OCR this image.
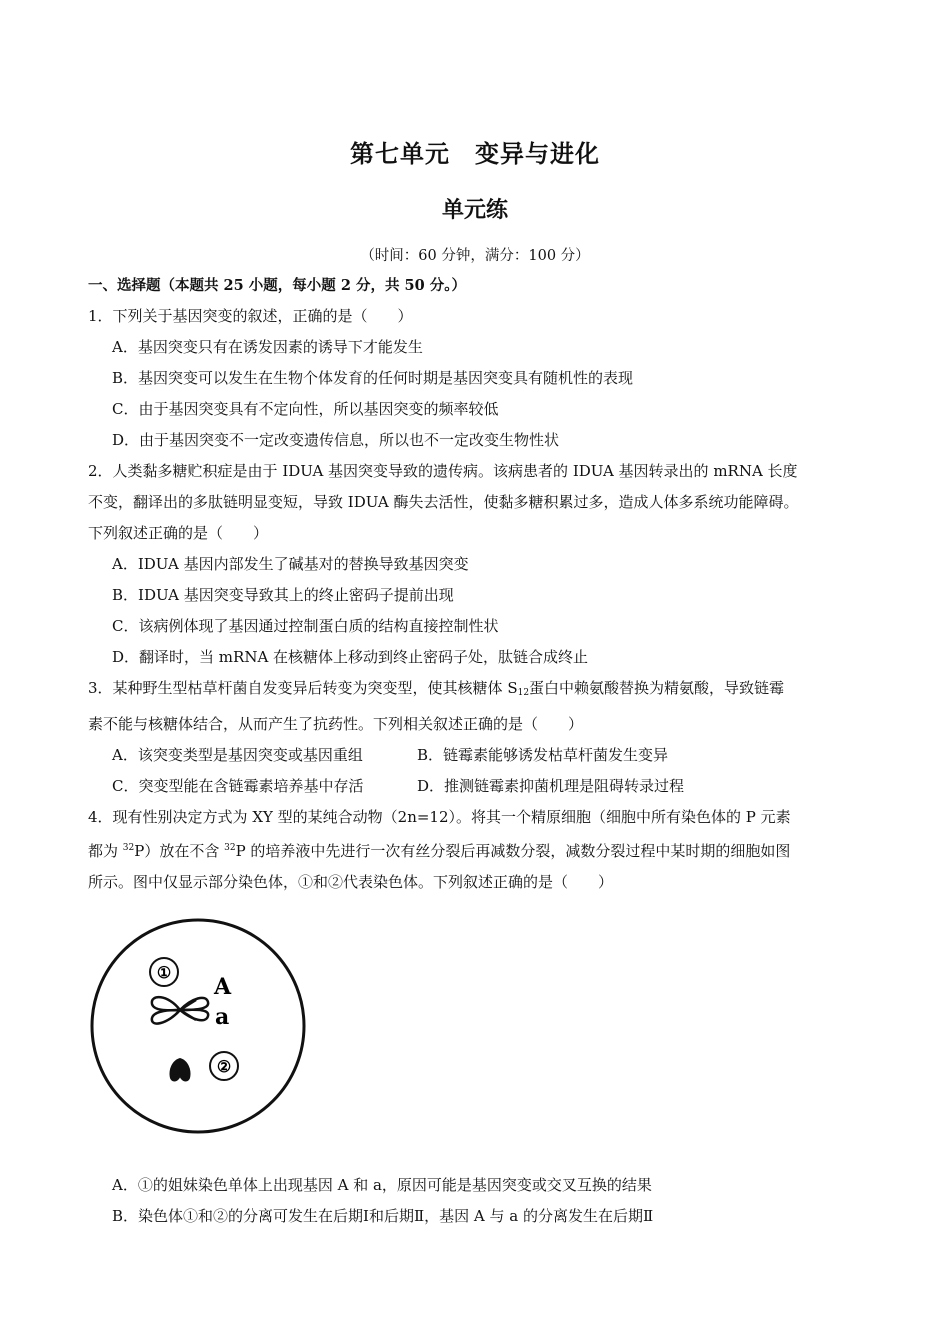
第七单元　变异与进化
单元练
（时间：60 分钟，满分：100 分）
一、选择题（本题共 25 小题，每小题 2 分，共 50 分。）
1．下列关于基因突变的叙述，正确的是（　　）
A．基因突变只有在诱发因素的诱导下才能发生
B．基因突变可以发生在生物个体发育的任何时期是基因突变具有随机性的表现
C．由于基因突变具有不定向性，所以基因突变的频率较低
D．由于基因突变不一定改变遗传信息，所以也不一定改变生物性状
2．人类黏多糖贮积症是由于 IDUA 基因突变导致的遗传病。该病患者的 IDUA 基因转录出的 mRNA 长度
不变，翻译出的多肽链明显变短，导致 IDUA 酶失去活性，使黏多糖积累过多，造成人体多系统功能障碍。
下列叙述正确的是（　　）
A．IDUA 基因内部发生了碱基对的替换导致基因突变
B．IDUA 基因突变导致其上的终止密码子提前出现
C．该病例体现了基因通过控制蛋白质的结构直接控制性状
D．翻译时，当 mRNA 在核糖体上移动到终止密码子处，肽链合成终止
3．某种野生型枯草杆菌自发变异后转变为突变型，使其核糖体 $S_{12}$蛋白中赖氨酸替换为精氨酸，导致链霉
素不能与核糖体结合，从而产生了抗药性。下列相关叙述正确的是（　　）
A．该突变类型是基因突变或基因重组	B．链霉素能够诱发枯草杆菌发生变异
C．突变型能在含链霉素培养基中存活	D．推测链霉素抑菌机理是阻碍转录过程
4．现有性别决定方式为 XY 型的某纯合动物（2n=12）。将其一个精原细胞（细胞中所有染色体的 P 元素
都为 $^{32}$P）放在不含 $^{32}$P 的培养液中先进行一次有丝分裂后再减数分裂，减数分裂过程中某时期的细胞如图
所示。图中仅显示部分染色体，①和②代表染色体。下列叙述正确的是（　　）
①
A
a
②
A．①的姐妹染色单体上出现基因 A 和 a，原因可能是基因突变或交叉互换的结果
B．染色体①和②的分离可发生在后期Ⅰ和后期Ⅱ，基因 A 与 a 的分离发生在后期Ⅱ
